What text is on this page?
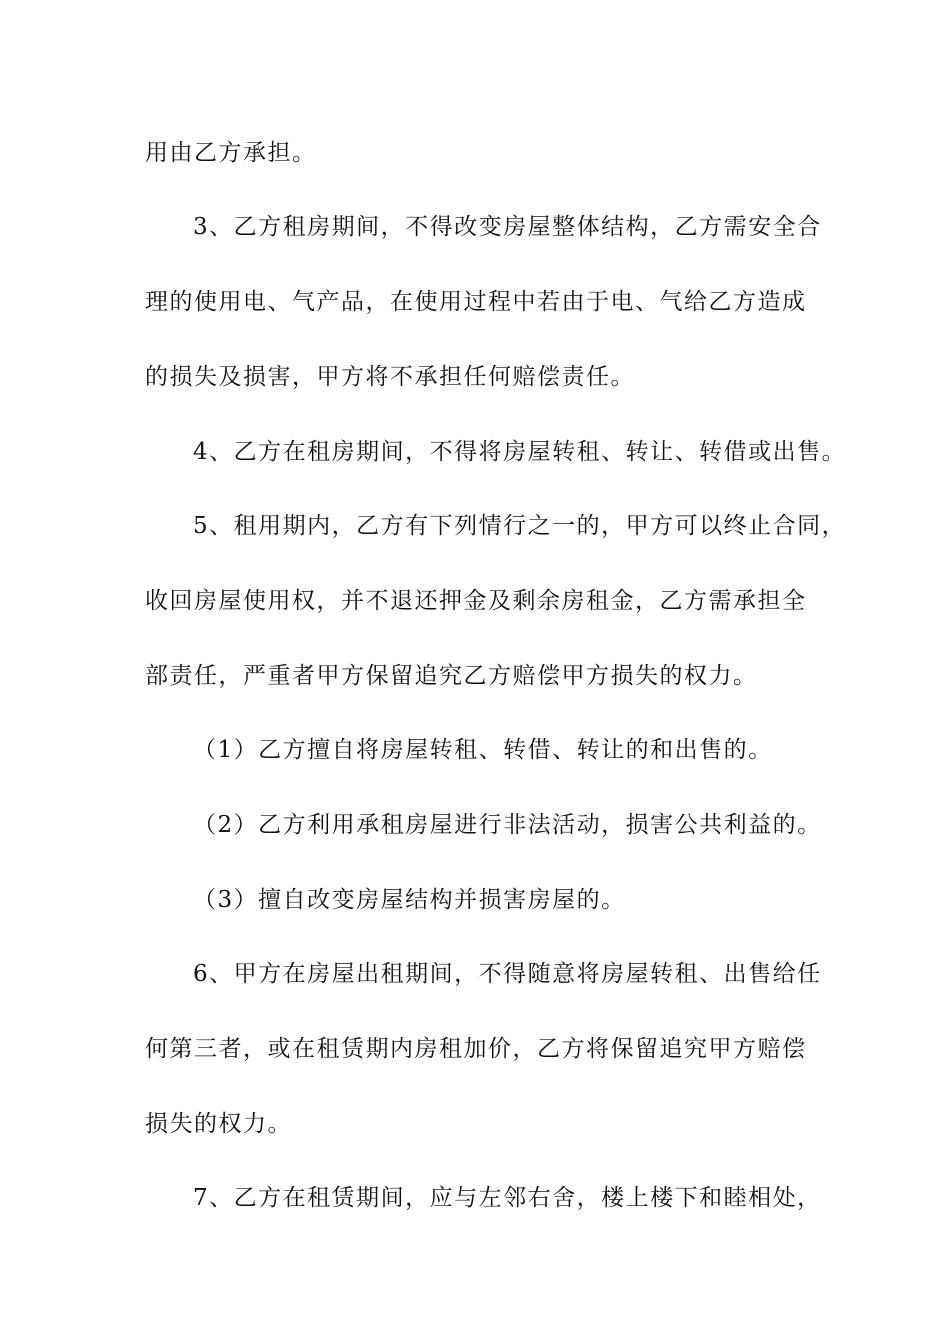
用由乙方承担。
3、乙方租房期间，不得改变房屋整体结构，乙方需安全合
理的使用电、气产品，在使用过程中若由于电、气给乙方造成
的损失及损害，甲方将不承担任何赔偿责任。
4、乙方在租房期间，不得将房屋转租、转让、转借或出售。
5、租用期内，乙方有下列情行之一的，甲方可以终止合同，
收回房屋使用权，并不退还押金及剩余房租金，乙方需承担全
部责任，严重者甲方保留追究乙方赔偿甲方损失的权力。
（1）乙方擅自将房屋转租、转借、转让的和出售的。
（2）乙方利用承租房屋进行非法活动，损害公共利益的。
（3）擅自改变房屋结构并损害房屋的。
6、甲方在房屋出租期间，不得随意将房屋转租、出售给任
何第三者，或在租赁期内房租加价，乙方将保留追究甲方赔偿
损失的权力。
7、乙方在租赁期间，应与左邻右舍，楼上楼下和睦相处，
